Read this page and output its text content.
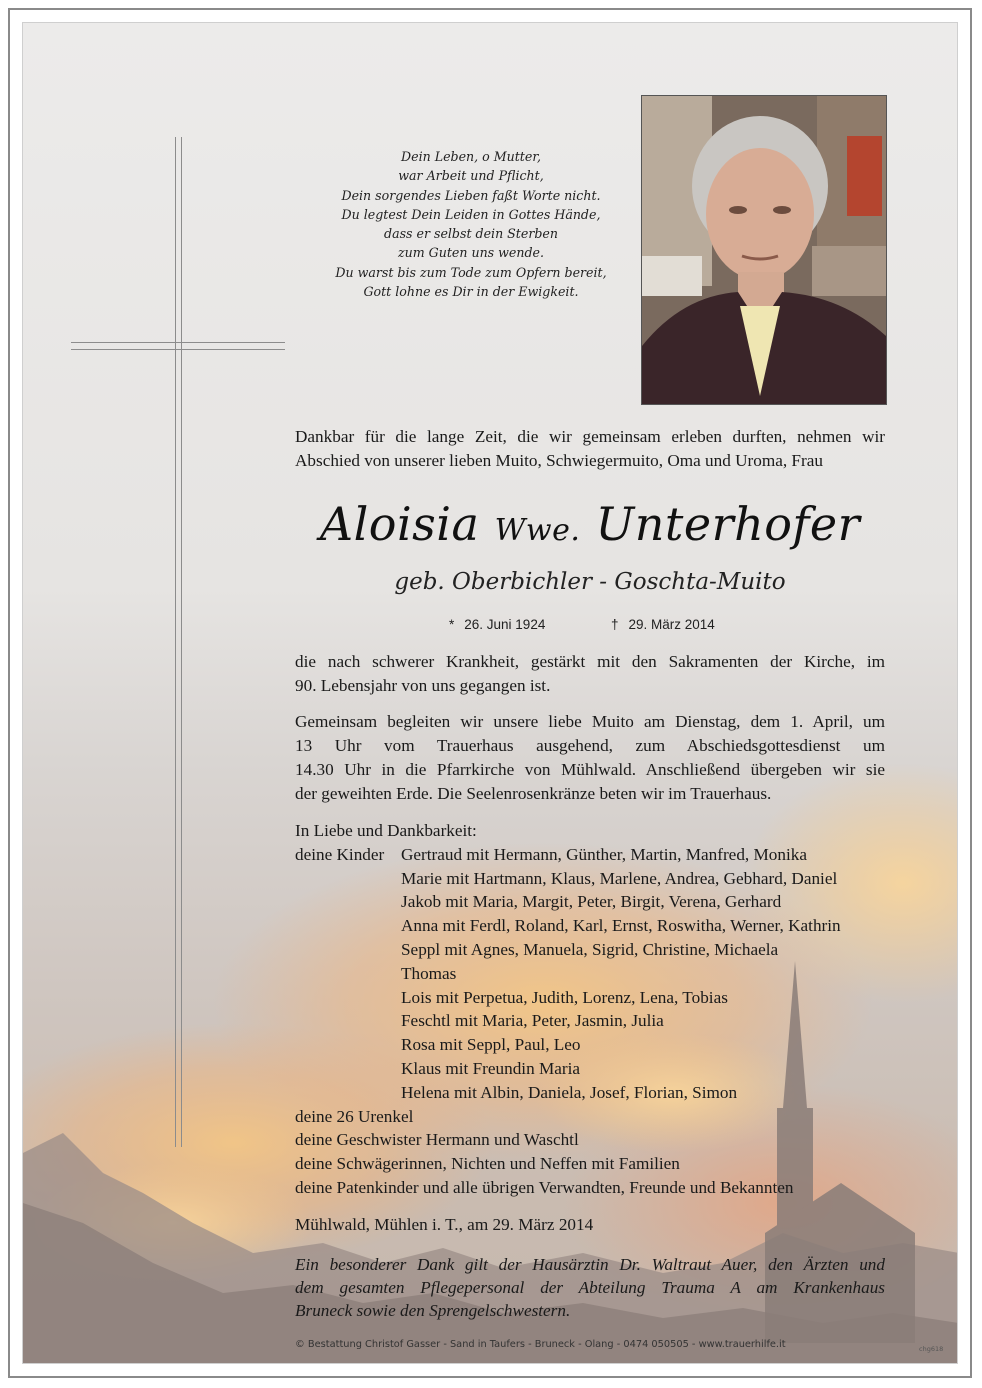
Dein Leben, o Mutter,
war Arbeit und Pflicht,
Dein sorgendes Lieben faßt Worte nicht.
Du legtest Dein Leiden in Gottes Hände,
dass er selbst dein Sterben
zum Guten uns wende.
Du warst bis zum Tode zum Opfern bereit,
Gott lohne es Dir in der Ewigkeit.
Dankbar für die lange Zeit, die wir gemeinsam erleben durften, nehmen wir
Abschied von unserer lieben Muito, Schwiegermuito, Oma und Uroma, Frau
Aloisia Wwe. Unterhofer
geb. Oberbichler - Goschta-Muito
* 26. Juni 1924	† 29. März 2014
die nach schwerer Krankheit, gestärkt mit den Sakramenten der Kirche, im
90. Lebensjahr von uns gegangen ist.
Gemeinsam begleiten wir unsere liebe Muito am Dienstag, dem 1. April, um
13 Uhr vom Trauerhaus ausgehend, zum Abschiedsgottesdienst um
14.30 Uhr in die Pfarrkirche von Mühlwald. Anschließend übergeben wir sie
der geweihten Erde. Die Seelenrosenkränze beten wir im Trauerhaus.
In Liebe und Dankbarkeit:
deine Kinder Gertraud mit Hermann, Günther, Martin, Manfred, Monika
Marie mit Hartmann, Klaus, Marlene, Andrea, Gebhard, Daniel
Jakob mit Maria, Margit, Peter, Birgit, Verena, Gerhard
Anna mit Ferdl, Roland, Karl, Ernst, Roswitha, Werner, Kathrin
Seppl mit Agnes, Manuela, Sigrid, Christine, Michaela
Thomas
Lois mit Perpetua, Judith, Lorenz, Lena, Tobias
Feschtl mit Maria, Peter, Jasmin, Julia
Rosa mit Seppl, Paul, Leo
Klaus mit Freundin Maria
Helena mit Albin, Daniela, Josef, Florian, Simon
deine 26 Urenkel
deine Geschwister Hermann und Waschtl
deine Schwägerinnen, Nichten und Neffen mit Familien
deine Patenkinder und alle übrigen Verwandten, Freunde und Bekannten
Mühlwald, Mühlen i. T., am 29. März 2014
Ein besonderer Dank gilt der Hausärztin Dr. Waltraut Auer, den Ärzten und
dem gesamten Pflegepersonal der Abteilung Trauma A am Krankenhaus
Bruneck sowie den Sprengelschwestern.
© Bestattung Christof Gasser - Sand in Taufers - Bruneck - Olang - 0474 050505 - www.trauerhilfe.it	chg618
